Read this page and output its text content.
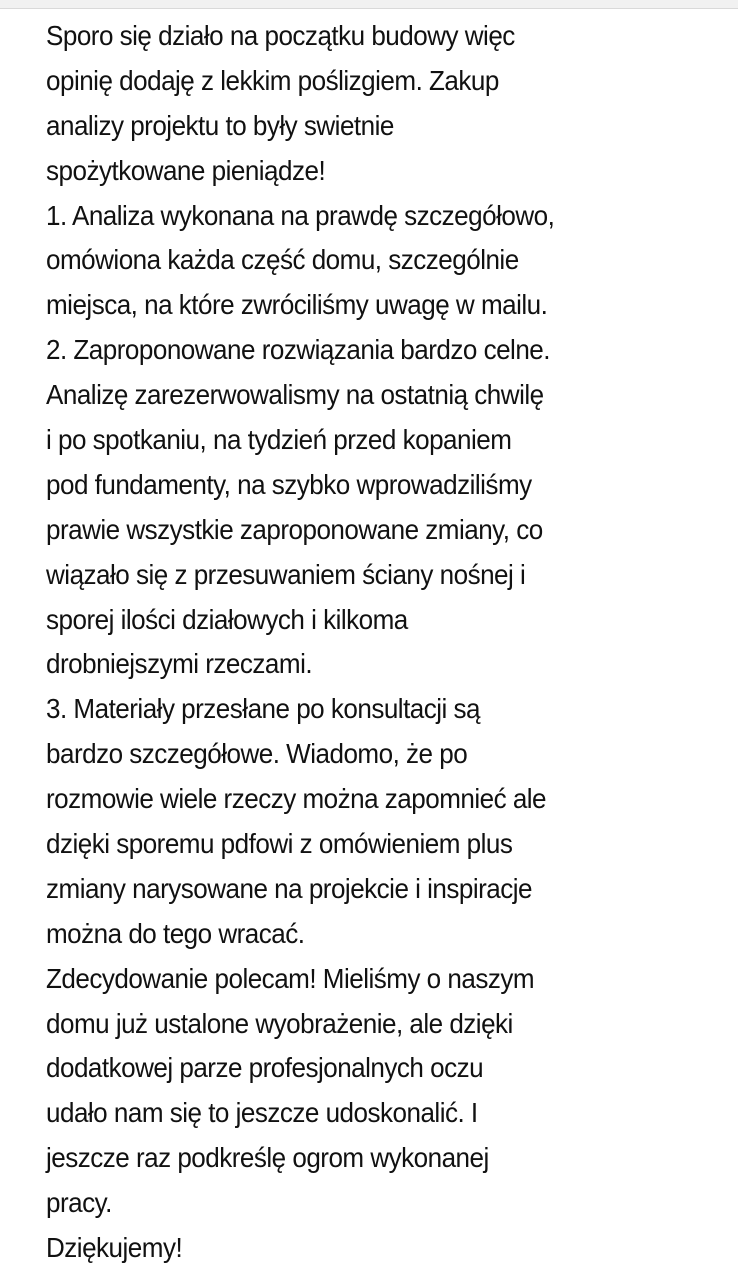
Sporo się działo na początku budowy więc
opinię dodaję z lekkim poślizgiem. Zakup
analizy projektu to były swietnie
spożytkowane pieniądze!
1. Analiza wykonana na prawdę szczegółowo,
omówiona każda część domu, szczególnie
miejsca, na które zwróciliśmy uwagę w mailu.
2. Zaproponowane rozwiązania bardzo celne.
Analizę zarezerwowalismy na ostatnią chwilę
i po spotkaniu, na tydzień przed kopaniem
pod fundamenty, na szybko wprowadziliśmy
prawie wszystkie zaproponowane zmiany, co
wiązało się z przesuwaniem ściany nośnej i
sporej ilości działowych i kilkoma
drobniejszymi rzeczami.
3. Materiały przesłane po konsultacji są
bardzo szczegółowe. Wiadomo, że po
rozmowie wiele rzeczy można zapomnieć ale
dzięki sporemu pdfowi z omówieniem plus
zmiany narysowane na projekcie i inspiracje
można do tego wracać.
Zdecydowanie polecam! Mieliśmy o naszym
domu już ustalone wyobrażenie, ale dzięki
dodatkowej parze profesjonalnych oczu
udało nam się to jeszcze udoskonalić. I
jeszcze raz podkreślę ogrom wykonanej
pracy.
Dziękujemy!
